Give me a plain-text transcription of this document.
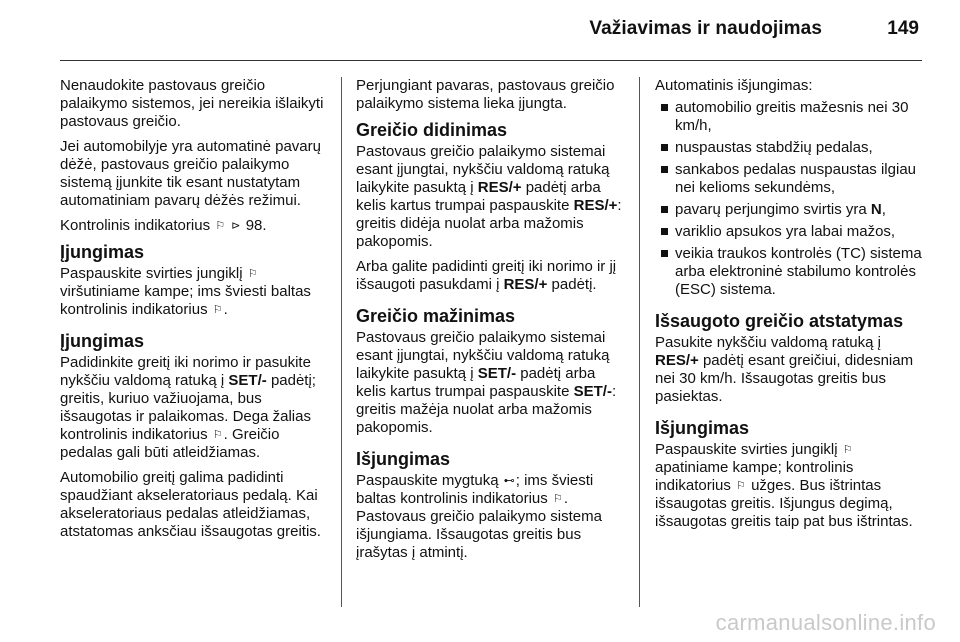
Važiavimas ir naudojimas	149

Nenaudokite pastovaus greičio palaikymo sistemos, jei nereikia išlaikyti pastovaus greičio.

Jei automobilyje yra automatinė pavarų dėžė, pastovaus greičio palaikymo sistemą įjunkite tik esant nustatytam automatiniam pavarų dėžės režimui.

Kontrolinis indikatorius ⚐ ⊳ 98.

Įjungimas

Paspauskite svirties jungiklį ⚐ viršutiniame kampe; ims šviesti baltas kontrolinis indikatorius ⚐.

Įjungimas

Padidinkite greitį iki norimo ir pasukite nykščiu valdomą ratuką į SET/- padėtį; greitis, kuriuo važiuojama, bus išsaugotas ir palaikomas. Dega žalias kontrolinis indikatorius ⚐. Greičio pedalas gali būti atleidžiamas.

Automobilio greitį galima padidinti spaudžiant akseleratoriaus pedalą. Kai akseleratoriaus pedalas atleidžiamas, atstatomas anksčiau išsaugotas greitis.

Perjungiant pavaras, pastovaus greičio palaikymo sistema lieka įjungta.

Greičio didinimas

Pastovaus greičio palaikymo sistemai esant įjungtai, nykščiu valdomą ratuką laikykite pasuktą į RES/+ padėtį arba kelis kartus trumpai paspauskite RES/+: greitis didėja nuolat arba mažomis pakopomis.

Arba galite padidinti greitį iki norimo ir jį išsaugoti pasukdami į RES/+ padėtį.

Greičio mažinimas

Pastovaus greičio palaikymo sistemai esant įjungtai, nykščiu valdomą ratuką laikykite pasuktą į SET/- padėtį arba kelis kartus trumpai paspauskite SET/-: greitis mažėja nuolat arba mažomis pakopomis.

Išjungimas

Paspauskite mygtuką ⊷; ims šviesti baltas kontrolinis indikatorius ⚐.

Pastovaus greičio palaikymo sistema išjungiama. Išsaugotas greitis bus įrašytas į atmintį.

Automatinis išjungimas:

automobilio greitis mažesnis nei 30 km/h,
nuspaustas stabdžių pedalas,
sankabos pedalas nuspaustas ilgiau nei kelioms sekundėms,
pavarų perjungimo svirtis yra N,
variklio apsukos yra labai mažos,
veikia traukos kontrolės (TC) sistema arba elektroninė stabilumo kontrolės (ESC) sistema.
Išsaugoto greičio atstatymas

Pasukite nykščiu valdomą ratuką į RES/+ padėtį esant greičiui, didesniam nei 30 km/h. Išsaugotas greitis bus pasiektas.

Išjungimas

Paspauskite svirties jungiklį ⚐ apatiniame kampe; kontrolinis indikatorius ⚐ užges. Bus ištrintas išsaugotas greitis. Išjungus degimą, išsaugotas greitis taip pat bus ištrintas.

carmanualsonline.info
